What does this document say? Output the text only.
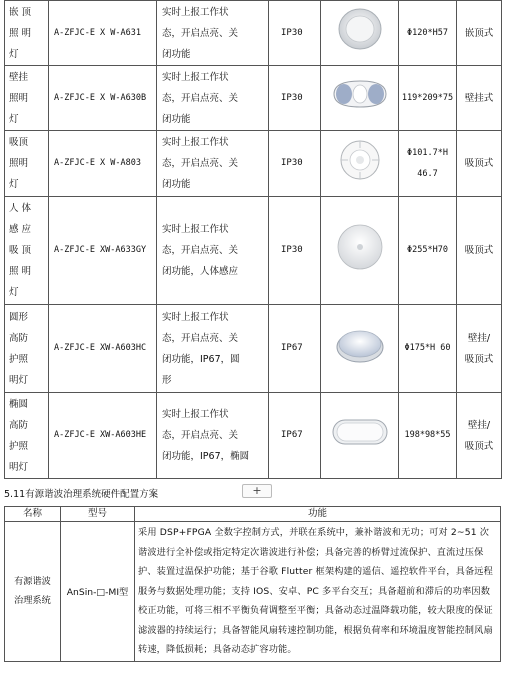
嵌 顶
照 明
灯	A-ZFJC-E X W-A631	实时上报工作状
态，开启点亮、关
闭功能	IP30		Φ120*H57	嵌顶式

壁挂
照明
灯	A-ZFJC-E X W-A630B	实时上报工作状
态，开启点亮、关
闭功能	IP30		119*209*75	壁挂式

吸顶
照明
灯	A-ZFJC-E X W-A803	实时上报工作状
态，开启点亮、关
闭功能	IP30		Φ101.7*H
46.7	吸顶式

人 体
感 应
吸 顶
照 明
灯	A-ZFJC-E XW-A633GY	实时上报工作状
态，开启点亮、关
闭功能，人体感应	IP30		Φ255*H70	吸顶式

圆形
高防
护照
明灯	A-ZFJC-E XW-A603HC	实时上报工作状
态，开启点亮、关
闭功能，IP67，圆
形	IP67		Φ175*H 60	壁挂/
吸顶式

椭圆
高防
护照
明灯	A-ZFJC-E XW-A603HE	实时上报工作状
态，开启点亮、关
闭功能，IP67，椭圆	IP67		198*98*55	壁挂/
吸顶式
5.11有源谐波治理系统硬件配置方案	+
名称	型号	功能

有源谐波
治理系统	AnSin-□-MI型	采用 DSP+FPGA 全数字控制方式，并联在系统中，兼补谐波和无功；可对 2~51 次谐波进行全补偿或指定特定次谐波进行补偿；具备完善的桥臂过流保护、直流过压保护、装置过温保护功能；基于谷歌 Flutter 框架构建的遥信、遥控软件平台，具备远程服务与数据处理功能；支持 IOS、安卓、PC 多平台交互；具备超前和滞后的功率因数校正功能，可将三相不平衡负荷调整至平衡；具备动态过温降载功能，较大限度的保证滤波器的持续运行；具备智能风扇转速控制功能，根据负荷率和环境温度智能控制风扇转速，降低损耗；具备动态扩容功能。
